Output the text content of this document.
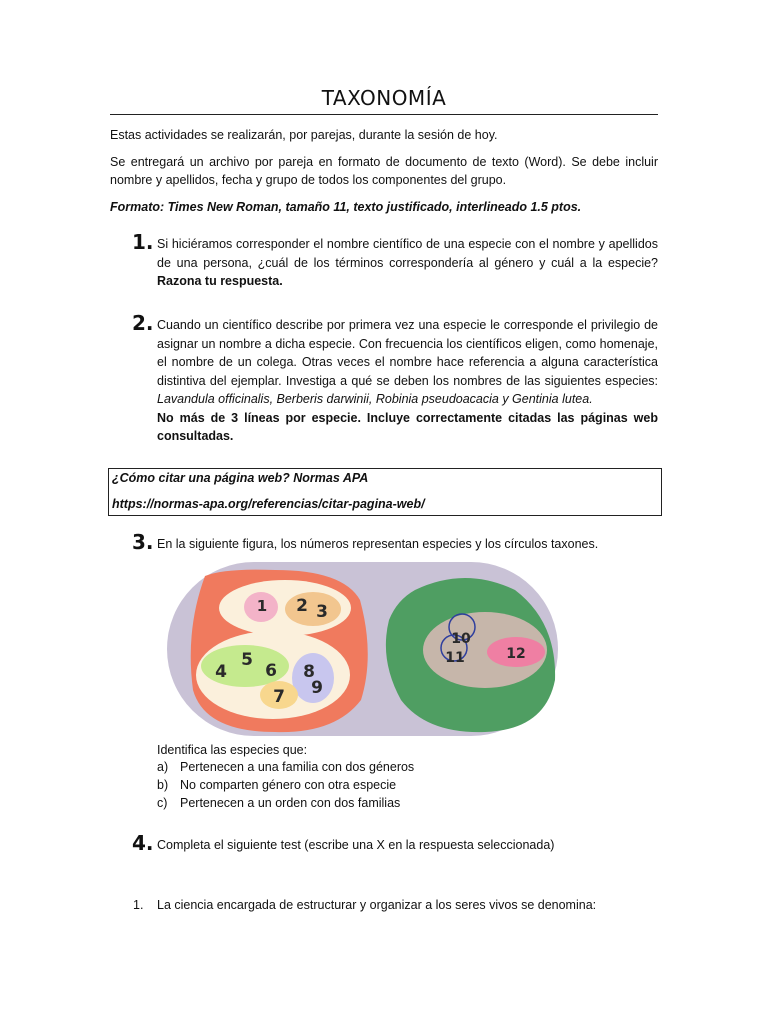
TAXONOMÍA
Estas actividades se realizarán, por parejas, durante la sesión de hoy.
Se entregará un archivo por pareja en formato de documento de texto (Word). Se debe incluir nombre y apellidos, fecha y grupo de todos los componentes del grupo.
Formato: Times New Roman, tamaño 11, texto justificado, interlineado 1.5 ptos.
1. Si hiciéramos corresponder el nombre científico de una especie con el nombre y apellidos de una persona, ¿cuál de los términos correspondería al género y cuál a la especie? Razona tu respuesta.
2. Cuando un científico describe por primera vez una especie le corresponde el privilegio de asignar un nombre a dicha especie. Con frecuencia los científicos eligen, como homenaje, el nombre de un colega. Otras veces el nombre hace referencia a alguna característica distintiva del ejemplar. Investiga a qué se deben los nombres de las siguientes especies: Lavandula officinalis, Berberis darwinii, Robinia pseudoacacia y Gentinia lutea.
No más de 3 líneas por especie. Incluye correctamente citadas las páginas web consultadas.
¿Cómo citar una página web? Normas APA
https://normas-apa.org/referencias/citar-pagina-web/
3. En la siguiente figura, los números representan especies y los círculos taxones.
1 2 3
4
5
6
7
8
9
10
11	12
Identifica las especies que:
a) Pertenecen a una familia con dos géneros
b) No comparten género con otra especie
c) Pertenecen a un orden con dos familias
4. Completa el siguiente test (escribe una X en la respuesta seleccionada)
1.	La ciencia encargada de estructurar y organizar a los seres vivos se denomina:
